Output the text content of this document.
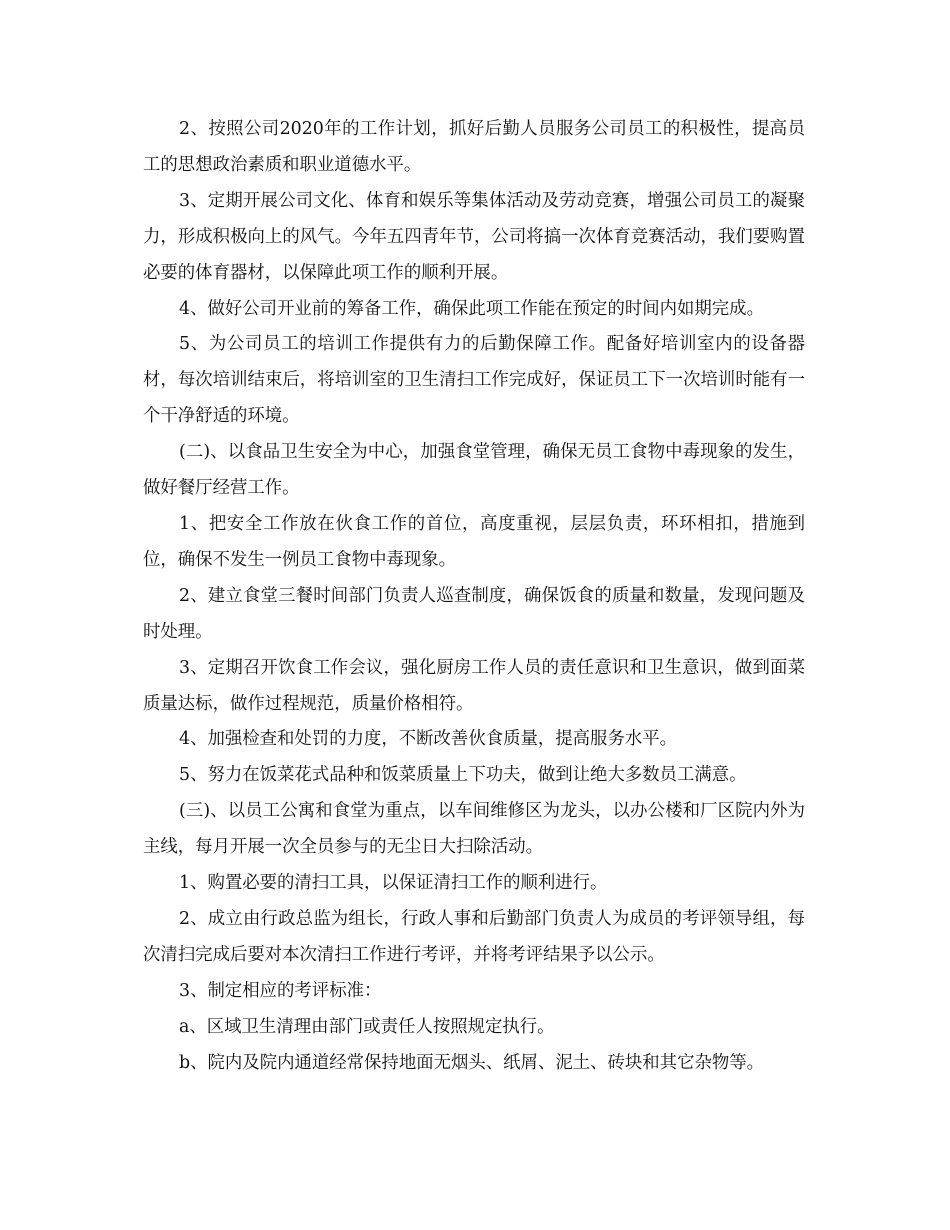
2、按照公司2020年的工作计划，抓好后勤人员服务公司员工的积极性，提高员工的思想政治素质和职业道德水平。

3、定期开展公司文化、体育和娱乐等集体活动及劳动竞赛，增强公司员工的凝聚力，形成积极向上的风气。今年五四青年节，公司将搞一次体育竞赛活动，我们要购置必要的体育器材，以保障此项工作的顺利开展。

4、做好公司开业前的筹备工作，确保此项工作能在预定的时间内如期完成。

5、为公司员工的培训工作提供有力的后勤保障工作。配备好培训室内的设备器材，每次培训结束后，将培训室的卫生清扫工作完成好，保证员工下一次培训时能有一个干净舒适的环境。

(二)、以食品卫生安全为中心，加强食堂管理，确保无员工食物中毒现象的发生，做好餐厅经营工作。

1、把安全工作放在伙食工作的首位，高度重视，层层负责，环环相扣，措施到位，确保不发生一例员工食物中毒现象。

2、建立食堂三餐时间部门负责人巡查制度，确保饭食的质量和数量，发现问题及时处理。

3、定期召开饮食工作会议，强化厨房工作人员的责任意识和卫生意识，做到面菜质量达标，做作过程规范，质量价格相符。

4、加强检查和处罚的力度，不断改善伙食质量，提高服务水平。

5、努力在饭菜花式品种和饭菜质量上下功夫，做到让绝大多数员工满意。

(三)、以员工公寓和食堂为重点，以车间维修区为龙头，以办公楼和厂区院内外为主线，每月开展一次全员参与的无尘日大扫除活动。

1、购置必要的清扫工具，以保证清扫工作的顺利进行。

2、成立由行政总监为组长，行政人事和后勤部门负责人为成员的考评领导组，每次清扫完成后要对本次清扫工作进行考评，并将考评结果予以公示。

3、制定相应的考评标准：

a、区域卫生清理由部门或责任人按照规定执行。

b、院内及院内通道经常保持地面无烟头、纸屑、泥土、砖块和其它杂物等。
